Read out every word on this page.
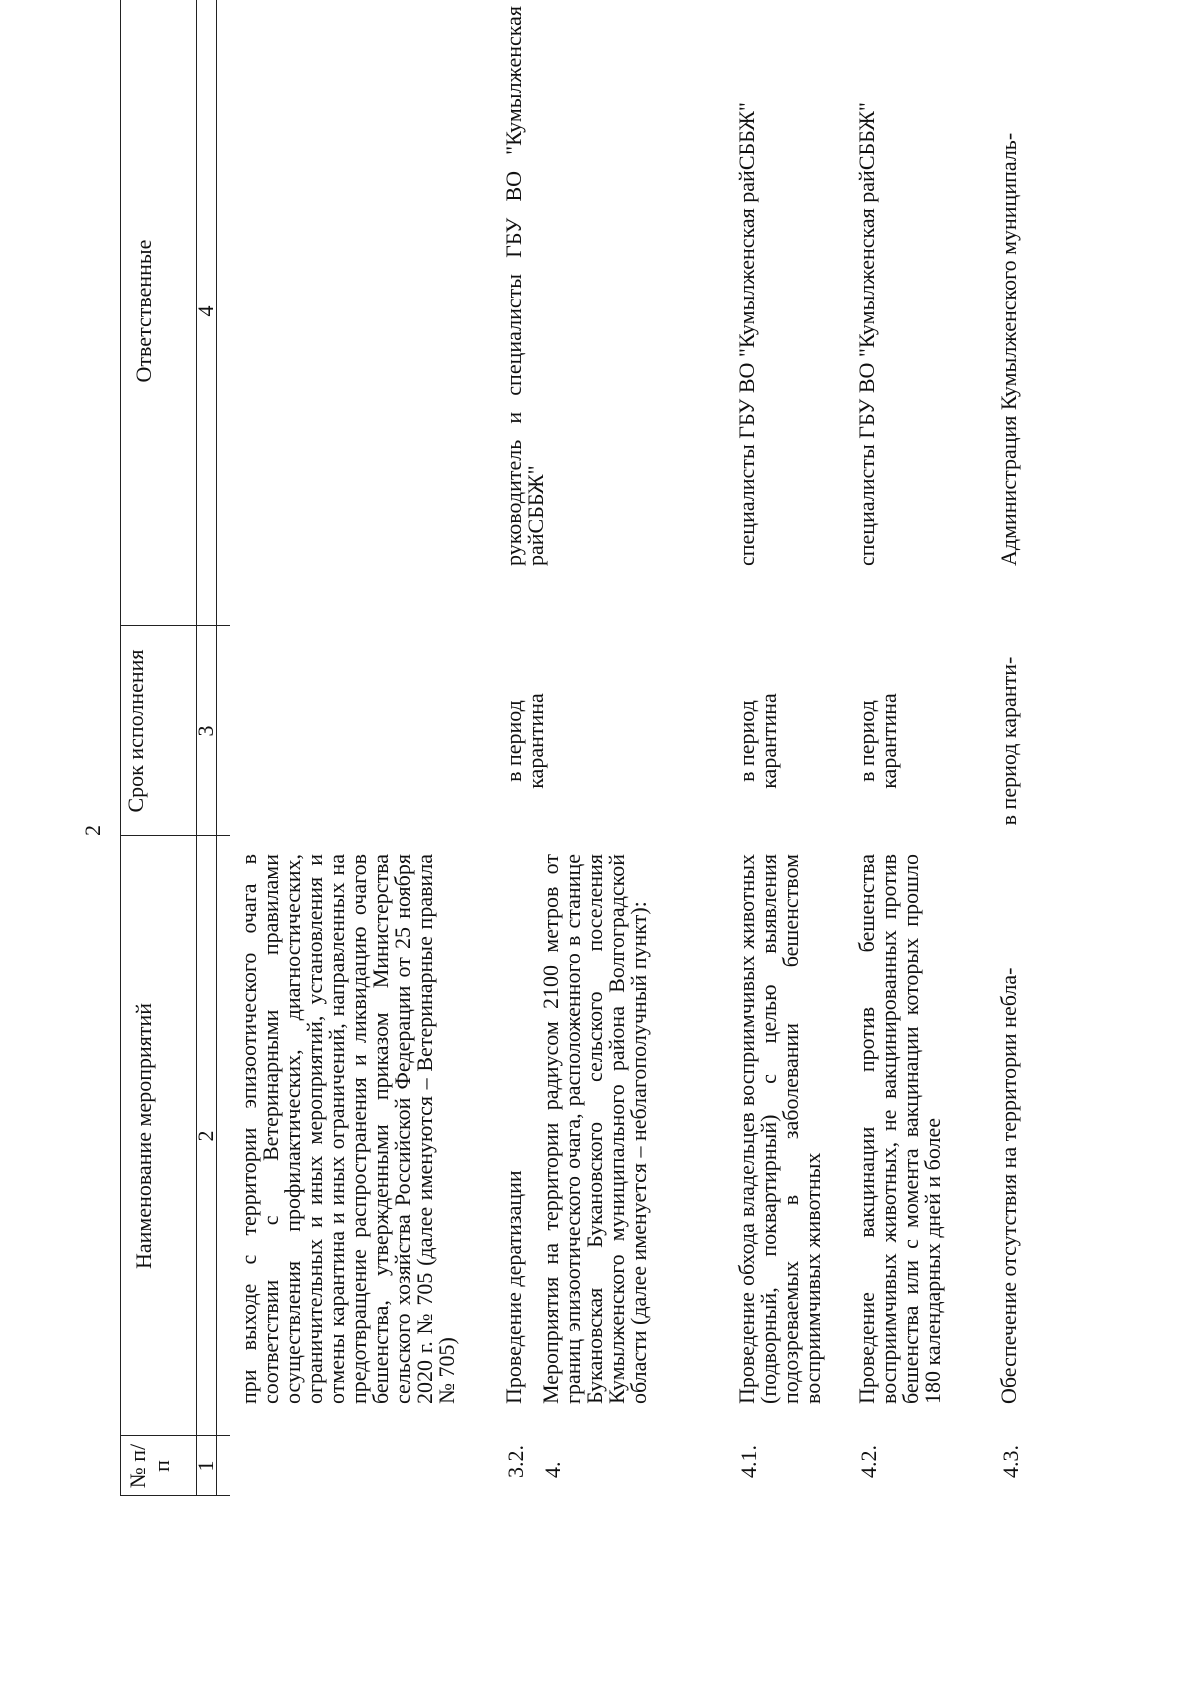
2
№ п/п
Наименование мероприятий
Срок исполнения
Ответственные
1
2
3
4
при выходе с территории эпизоотического очага в соответствии с Ветеринарными правилами осуществления профилактических, диагностических, ограничительных и иных мероприятий, установления и отмены карантина и иных ограничений, направленных на предотвращение распространения и ликвидацию очагов бешенства, утвержденными приказом Министерства сельского хозяйства Российской Федерации от 25 ноября 2020 г. № 705 (далее именуются – Ветеринарные правила № 705)
3.2.
Проведение дератизации
в период карантина
руководитель и специалисты ГБУ ВО "Кумылженская райСББЖ"
4.
Мероприятия на территории радиусом 2100 метров от границ эпизоотического очага, расположенного в станице Букановская Букановского сельского поселения Кумылженского муниципального района Волгоградской области (далее именуется – неблагополучный пункт):
4.1.
Проведение обхода владельцев восприимчивых животных (подворный, поквартирный) с целью выявления подозреваемых в заболевании бешенством восприимчивых животных
в период карантина
специалисты ГБУ ВО "Кумылженская райСББЖ"
4.2.
Проведение вакцинации против бешенства восприимчивых животных, не вакцинированных против бешенства или с момента вакцинации которых прошло 180 календарных дней и более
в период карантина
специалисты ГБУ ВО "Кумылженская райСББЖ"
4.3.
Обеспечение отсутствия на территории небла-
в период каранти-
Администрация Кумылженского муниципаль-
